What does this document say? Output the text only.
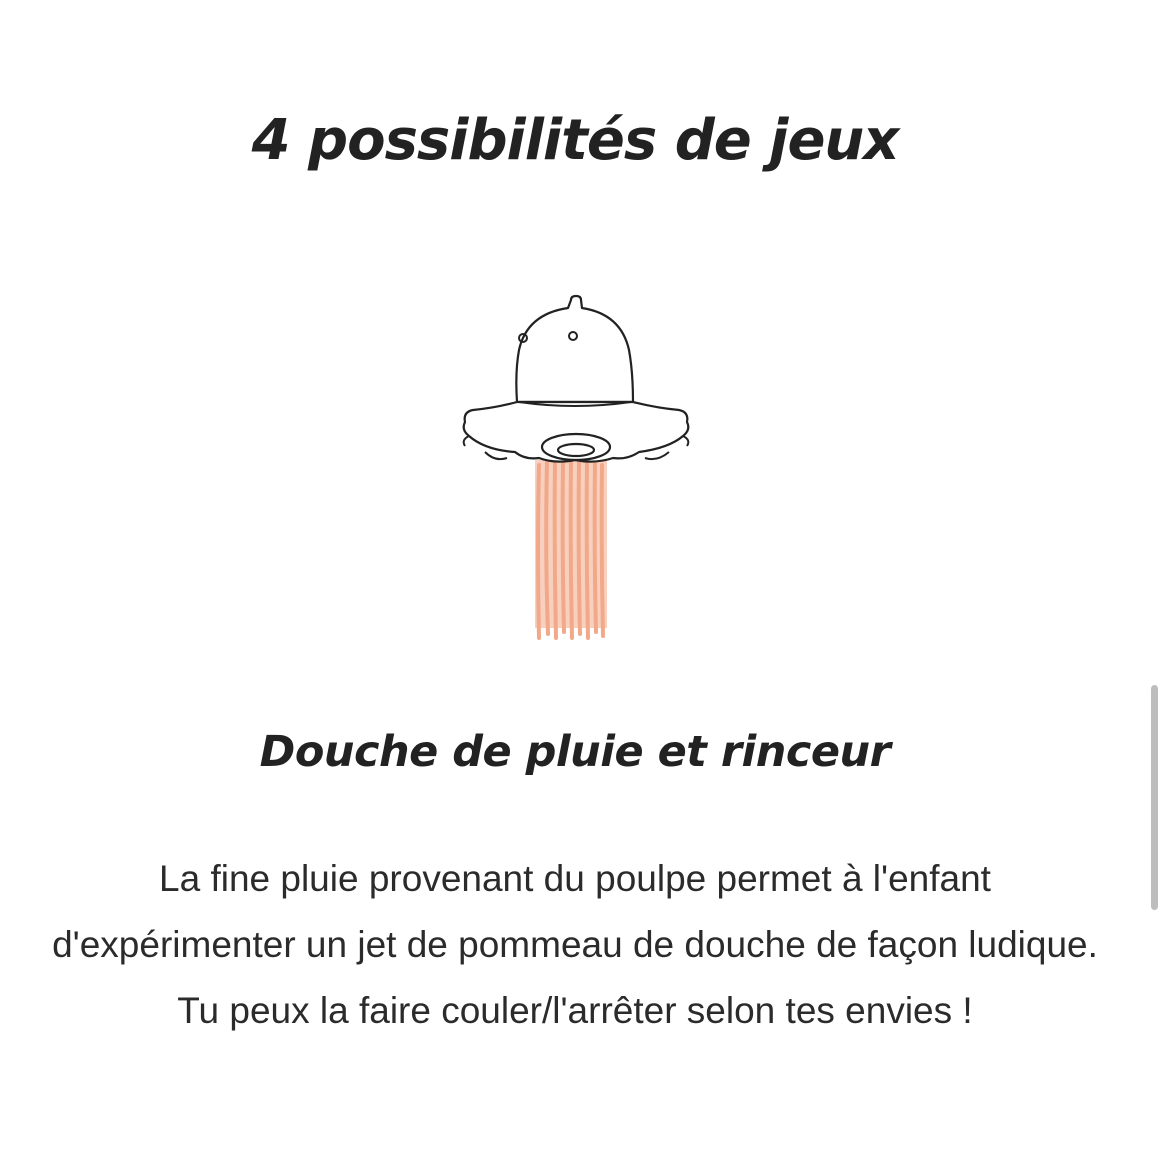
4 possibilités de jeux
Douche de pluie et rinceur

La fine pluie provenant du poulpe permet à l'enfant d'expérimenter un jet de pommeau de douche de façon ludique. Tu peux la faire couler/l'arrêter selon tes envies !
